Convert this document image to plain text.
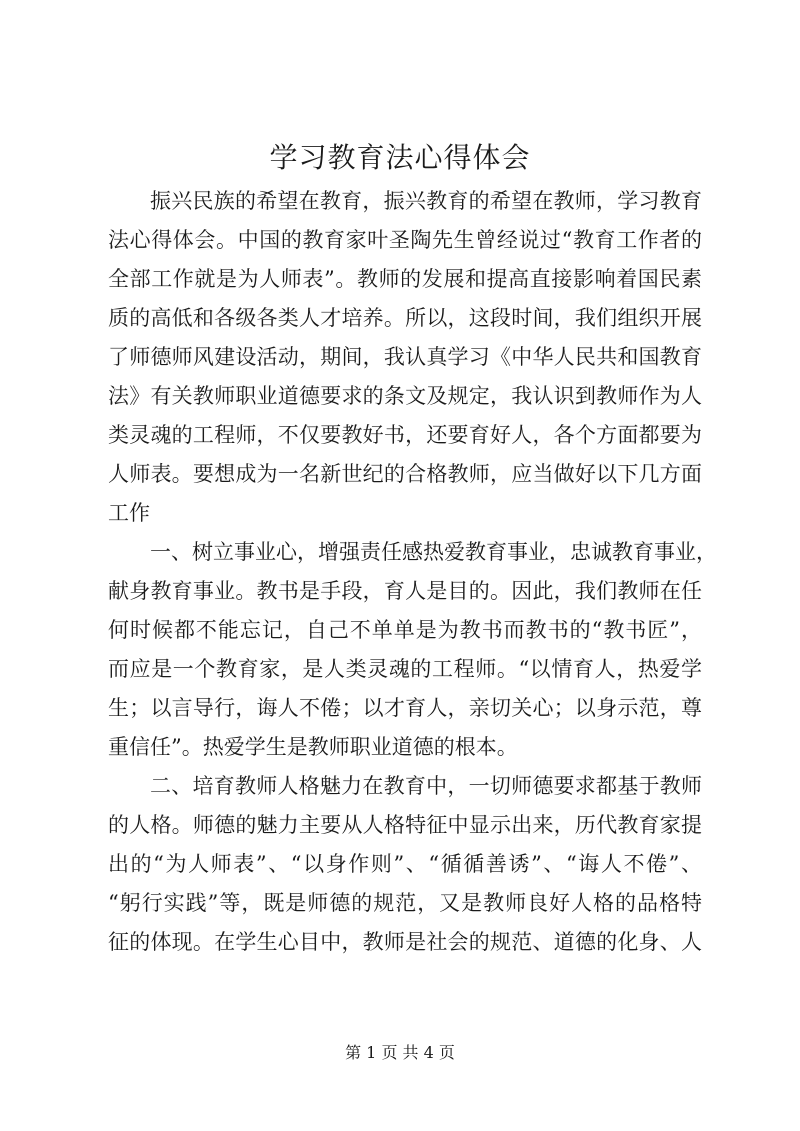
学习教育法心得体会
振兴民族的希望在教育，振兴教育的希望在教师，学习教育
法心得体会。中国的教育家叶圣陶先生曾经说过“教育工作者的
全部工作就是为人师表”。教师的发展和提高直接影响着国民素
质的高低和各级各类人才培养。所以，这段时间，我们组织开展
了师德师风建设活动，期间，我认真学习《中华人民共和国教育
法》有关教师职业道德要求的条文及规定，我认识到教师作为人
类灵魂的工程师，不仅要教好书，还要育好人，各个方面都要为
人师表。要想成为一名新世纪的合格教师，应当做好以下几方面
工作
一、树立事业心，增强责任感热爱教育事业，忠诚教育事业，
献身教育事业。教书是手段，育人是目的。因此，我们教师在任
何时候都不能忘记，自己不单单是为教书而教书的“教书匠”，
而应是一个教育家，是人类灵魂的工程师。“以情育人，热爱学
生；以言导行，诲人不倦；以才育人，亲切关心；以身示范，尊
重信任”。热爱学生是教师职业道德的根本。
二、培育教师人格魅力在教育中，一切师德要求都基于教师
的人格。师德的魅力主要从人格特征中显示出来，历代教育家提
出的“为人师表”、“以身作则”、“循循善诱”、“诲人不倦”、
“躬行实践”等，既是师德的规范，又是教师良好人格的品格特
征的体现。在学生心目中，教师是社会的规范、道德的化身、人
第 1 页 共 4 页
